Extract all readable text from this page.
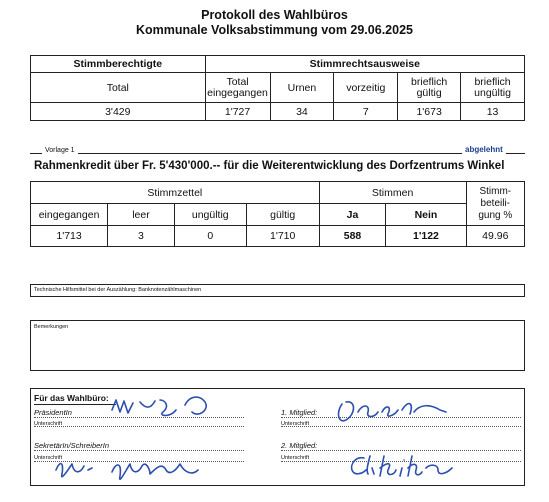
Protokoll des Wahlbüros
Kommunale Volksabstimmung vom 29.06.2025
Stimmberechtigte	Stimmrechtsausweise				
Total	Total eingegangen	Urnen	vorzeitig	brieflich gültig	brieflich ungültig
3'429	1'727	34	7	1'673	13
Vorlage 1	abgelehnt
Rahmenkredit über Fr. 5'430'000.-- für die Weiterentwicklung des Dorfzentrums Winkel
Stimmzettel				Stimmen		Stimm- beteili- gung %
eingegangen	leer	ungültig	gültig	Ja	Nein	
1'713	3	0	1'710	588	1'122	49.96
Technische Hilfsmittel bei der Auszählung: Banknotenzählmaschinen
Bemerkungen
Für das Wahlbüro:
PräsidentIn
Unterschrift
1. Mitglied:
Unterschrift
SekretärIn/SchreiberIn
Unterschrift
2. Mitglied:
Unterschrift
